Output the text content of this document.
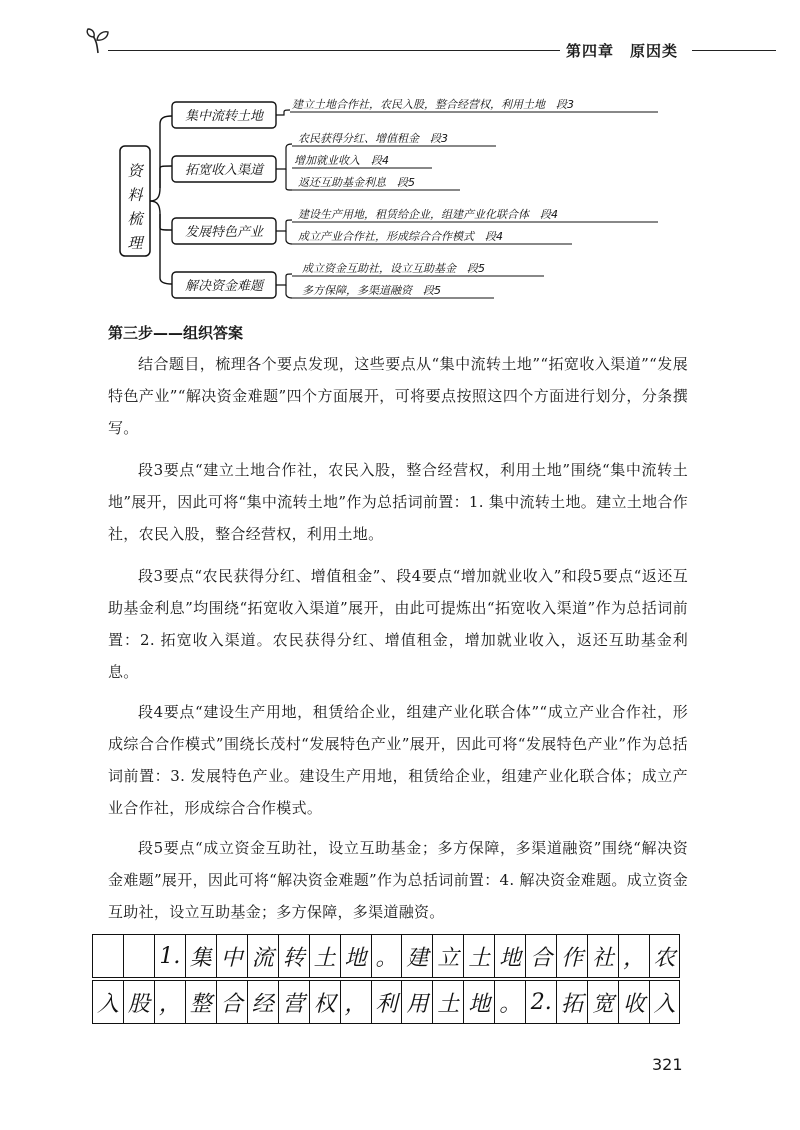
第四章　原因类
资
料
梳
理
集中流转土地
建立土地合作社，农民入股，整合经营权，利用土地　段3
拓宽收入渠道
农民获得分红、增值租金　段3
增加就业收入　段4
返还互助基金利息　段5
发展特色产业
建设生产用地，租赁给企业，组建产业化联合体　段4
成立产业合作社，形成综合合作模式　段4
解决资金难题
成立资金互助社，设立互助基金　段5
多方保障，多渠道融资　段5
第三步——组织答案

结合题目，梳理各个要点发现，这些要点从“集中流转土地”“拓宽收入渠道”“发展特色产业”“解决资金难题”四个方面展开，可将要点按照这四个方面进行划分，分条撰写。

段3要点“建立土地合作社，农民入股，整合经营权，利用土地”围绕“集中流转土地”展开，因此可将“集中流转土地”作为总括词前置：1. 集中流转土地。建立土地合作社，农民入股，整合经营权，利用土地。

段3要点“农民获得分红、增值租金”、段4要点“增加就业收入”和段5要点“返还互助基金利息”均围绕“拓宽收入渠道”展开，由此可提炼出“拓宽收入渠道”作为总括词前置：2. 拓宽收入渠道。农民获得分红、增值租金，增加就业收入，返还互助基金利息。

段4要点“建设生产用地，租赁给企业，组建产业化联合体”“成立产业合作社，形成综合合作模式”围绕长茂村“发展特色产业”展开，因此可将“发展特色产业”作为总括词前置：3. 发展特色产业。建设生产用地，租赁给企业，组建产业化联合体；成立产业合作社，形成综合合作模式。

段5要点“成立资金互助社，设立互助基金；多方保障，多渠道融资”围绕“解决资金难题”展开，因此可将“解决资金难题”作为总括词前置：4. 解决资金难题。成立资金互助社，设立互助基金；多方保障，多渠道融资。

1. 集 中 流 转 土 地 。 建 立 土 地 合 作 社 ， 农
入 股 ， 整 合 经 营 权 ， 利 用 土 地 。 2. 拓 宽 收 入
321
